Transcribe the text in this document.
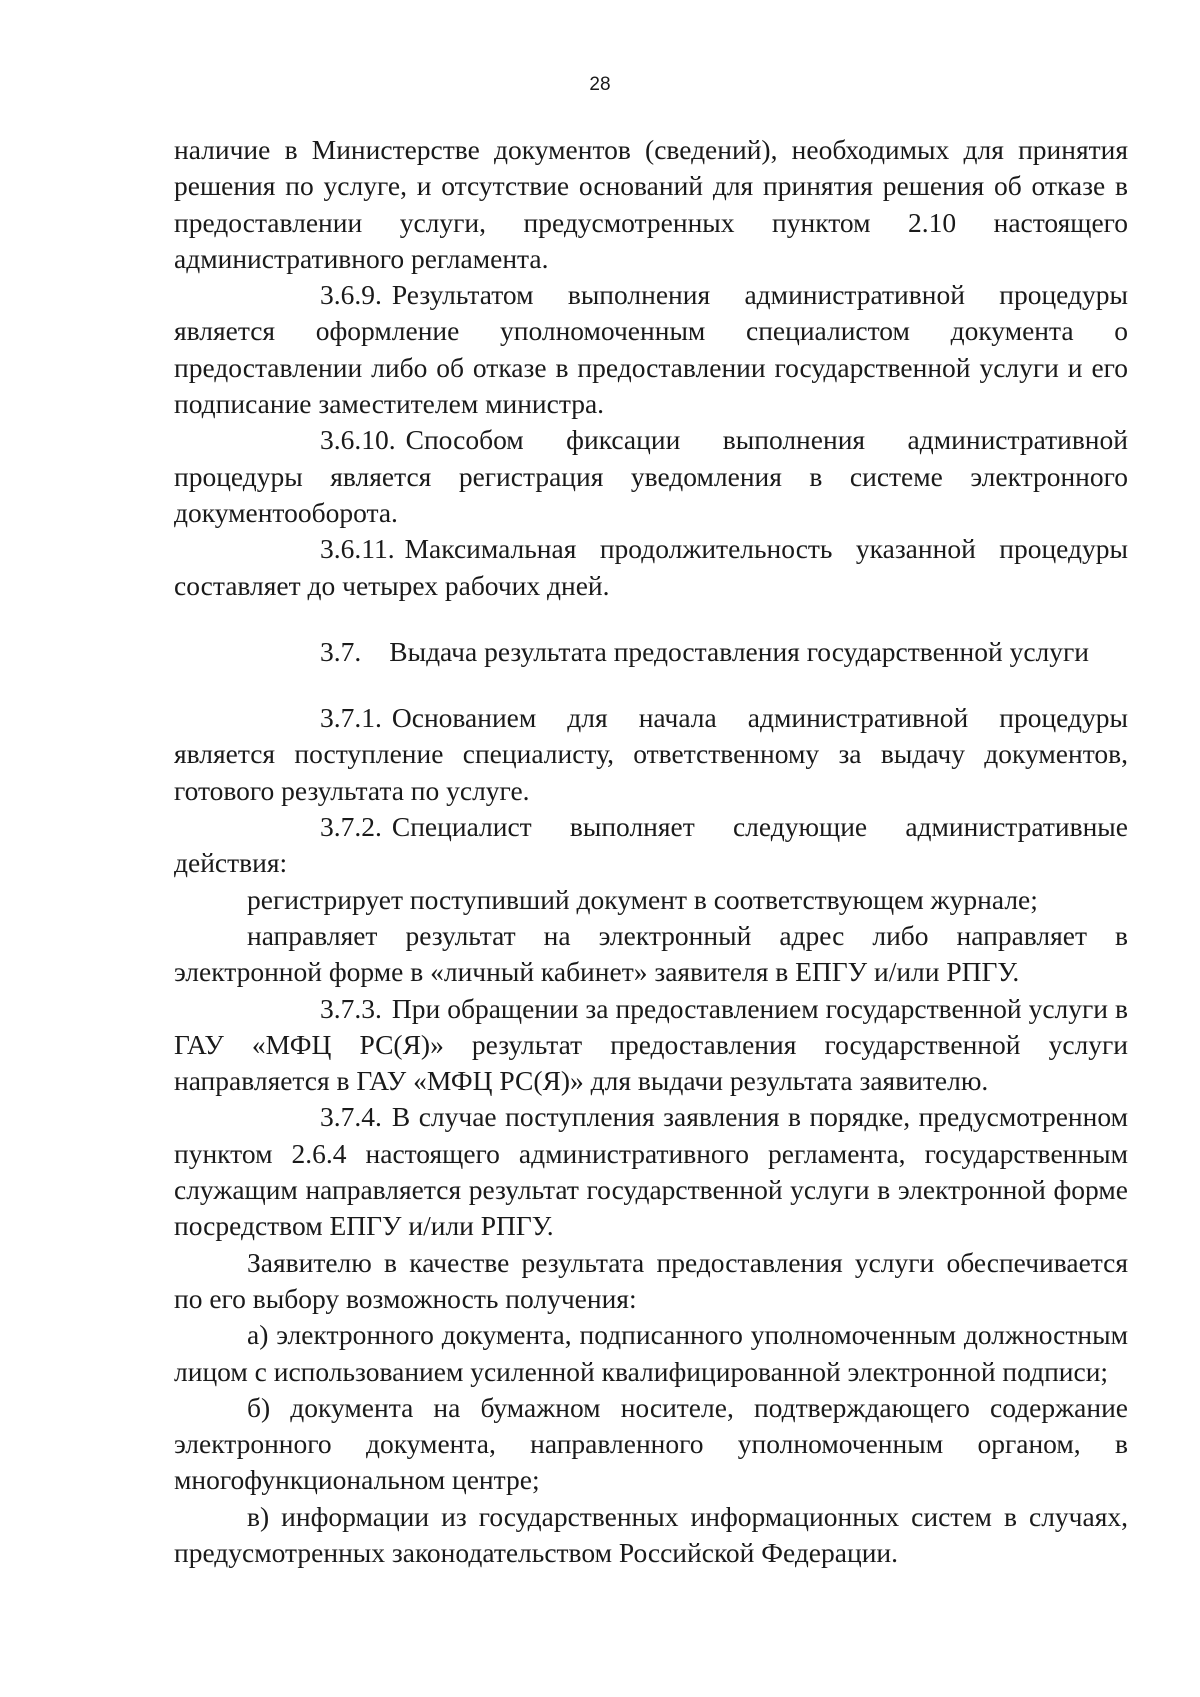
28

наличие в Министерстве документов (сведений), необходимых для принятия решения по услуге, и отсутствие оснований для принятия решения об отказе в предоставлении услуги, предусмотренных пунктом 2.10 настоящего административного регламента.

3.6.9. Результатом выполнения административной процедуры является оформление уполномоченным специалистом документа о предоставлении либо об отказе в предоставлении государственной услуги и его подписание заместителем министра.

3.6.10. Способом фиксации выполнения административной процедуры является регистрация уведомления в системе электронного документооборота.

3.6.11. Максимальная продолжительность указанной процедуры составляет до четырех рабочих дней.

3.7. Выдача результата предоставления государственной услуги

3.7.1. Основанием для начала административной процедуры является поступление специалисту, ответственному за выдачу документов, готового результата по услуге.

3.7.2. Специалист выполняет следующие административные действия:

регистрирует поступивший документ в соответствующем журнале;

направляет результат на электронный адрес либо направляет в электронной форме в «личный кабинет» заявителя в ЕПГУ и/или РПГУ.

3.7.3. При обращении за предоставлением государственной услуги в ГАУ «МФЦ РС(Я)» результат предоставления государственной услуги направляется в ГАУ «МФЦ РС(Я)» для выдачи результата заявителю.

3.7.4. В случае поступления заявления в порядке, предусмотренном пунктом 2.6.4 настоящего административного регламента, государственным служащим направляется результат государственной услуги в электронной форме посредством ЕПГУ и/или РПГУ.

Заявителю в качестве результата предоставления услуги обеспечивается по его выбору возможность получения:

а) электронного документа, подписанного уполномоченным должностным лицом с использованием усиленной квалифицированной электронной подписи;

б) документа на бумажном носителе, подтверждающего содержание электронного документа, направленного уполномоченным органом, в многофункциональном центре;

в) информации из государственных информационных систем в случаях, предусмотренных законодательством Российской Федерации.
